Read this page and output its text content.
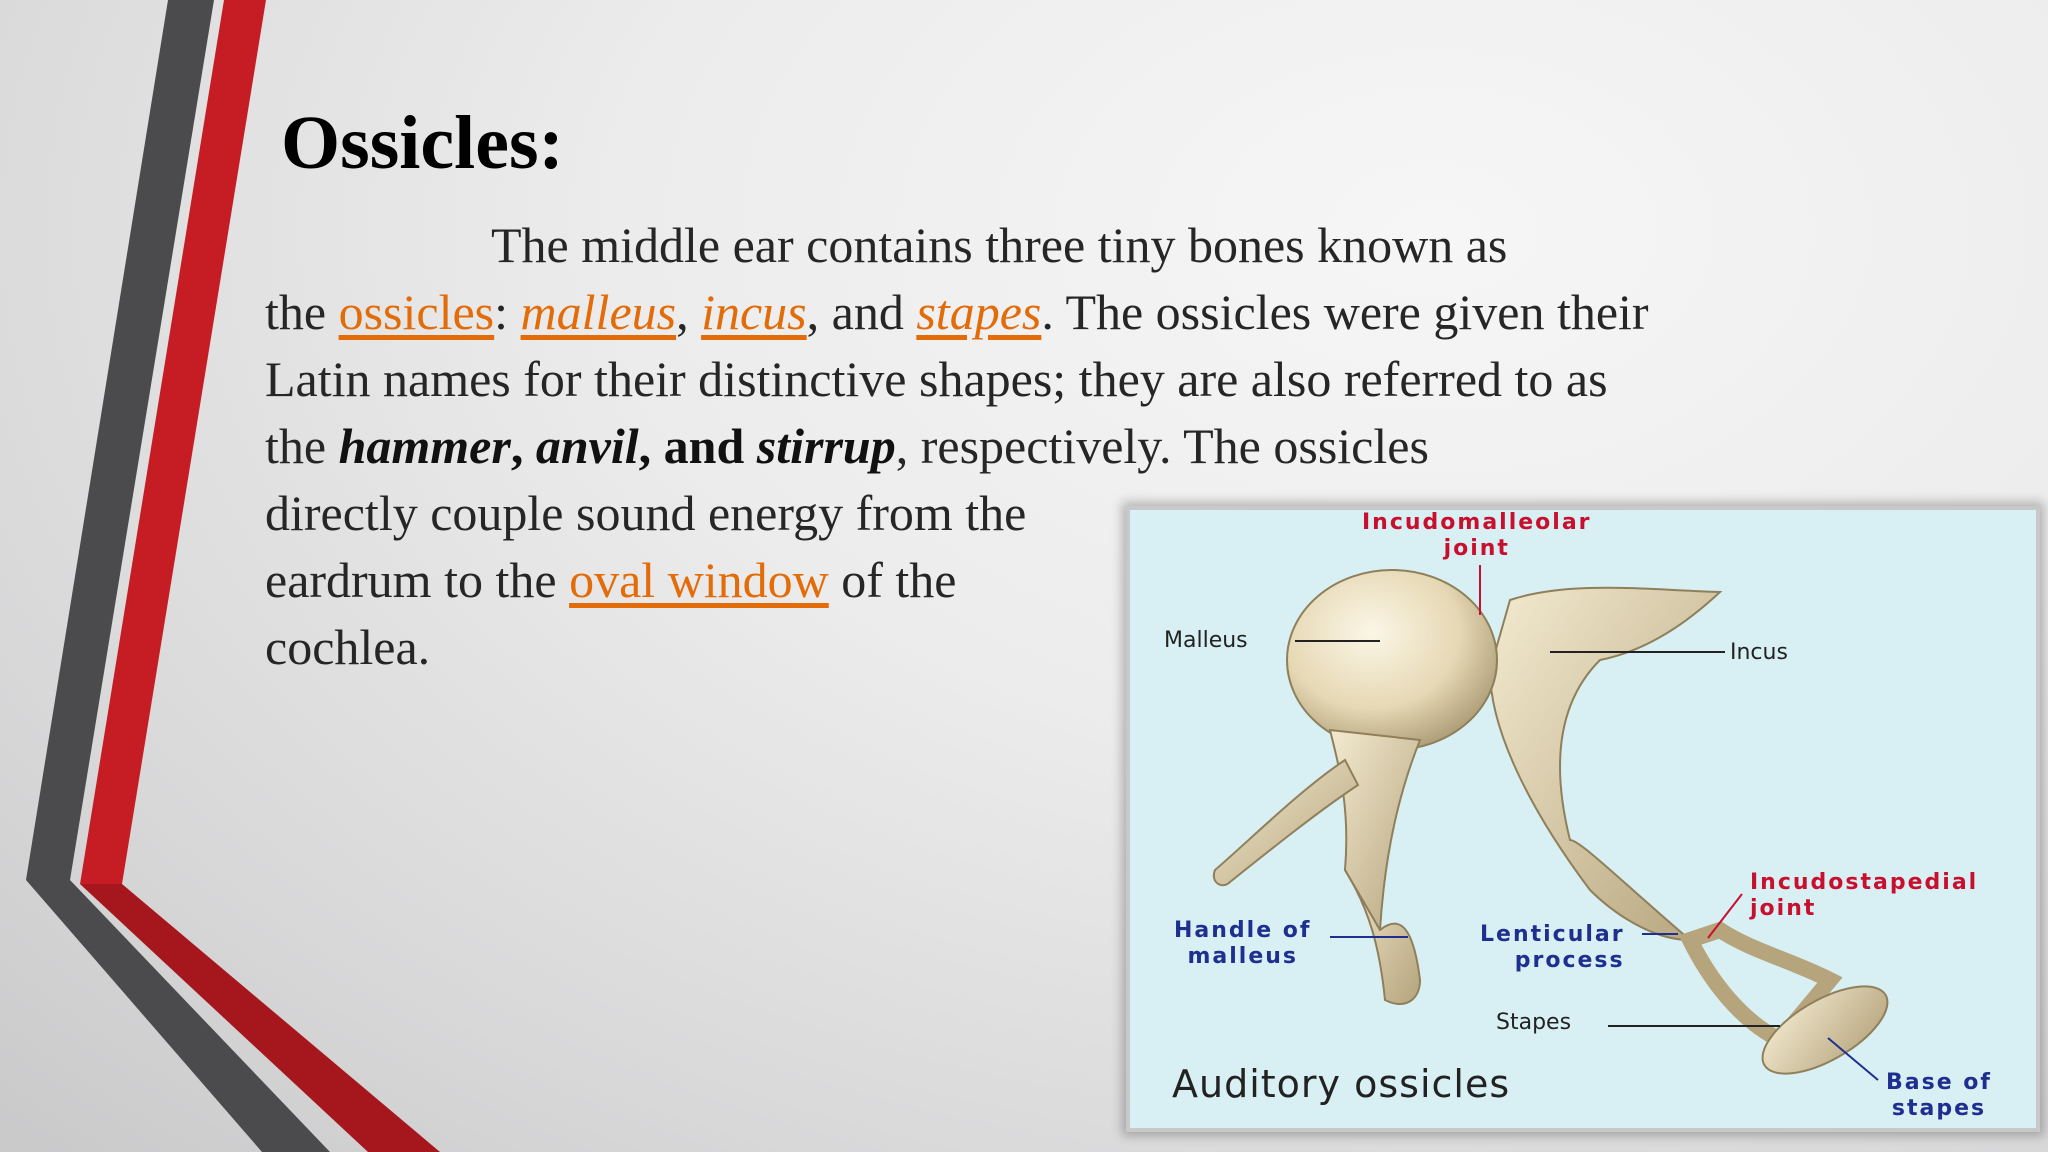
Ossicles:
The middle ear contains three tiny bones known as
the ossicles: malleus, incus, and stapes. The ossicles were given their
Latin names for their distinctive shapes; they are also referred to as
the hammer, anvil, and stirrup, respectively. The ossicles
directly couple sound energy from the
eardrum to the oval window of the
cochlea.
Incudomalleolar
joint
Malleus	Incus
Incudostapedial
joint
Handle of
malleus
Lenticular
process
Stapes
Base of
stapes
Auditory ossicles
